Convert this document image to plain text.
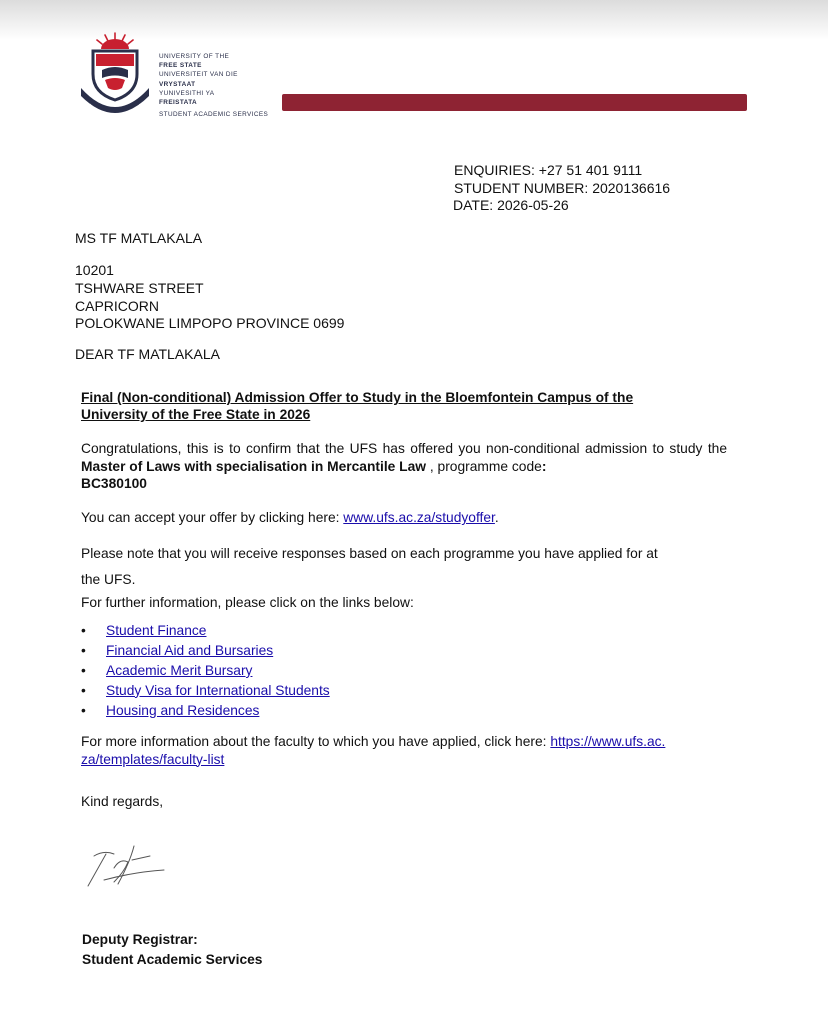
IN VERITATE SAPIENTIA LUX
UNIVERSITY OF THE
FREE STATE
UNIVERSITEIT VAN DIE
VRYSTAAT
YUNIVESITHI YA
FREISTATA
STUDENT ACADEMIC SERVICES
ENQUIRIES: +27 51 401 9111
STUDENT NUMBER: 2020136616
DATE: 2026-05-26
MS TF MATLAKALA
10201
TSHWARE STREET
CAPRICORN
POLOKWANE LIMPOPO PROVINCE 0699
DEAR TF MATLAKALA
Final (Non-conditional) Admission Offer to Study in the Bloemfontein Campus of the
University of the Free State in 2026
Congratulations, this is to confirm that the UFS has offered you non-conditional admission to study the Master of Laws with specialisation in Mercantile Law , programme code:
BC380100
You can accept your offer by clicking here: www.ufs.ac.za/studyoffer.
Please note that you will receive responses based on each programme you have applied for at
the UFS.
For further information, please click on the links below:
•	Student Finance
•	Financial Aid and Bursaries
•	Academic Merit Bursary
•	Study Visa for International Students
•	Housing and Residences
For more information about the faculty to which you have applied, click here: https://www.ufs.ac.
za/templates/faculty-list
Kind regards,
Deputy Registrar:
Student Academic Services
